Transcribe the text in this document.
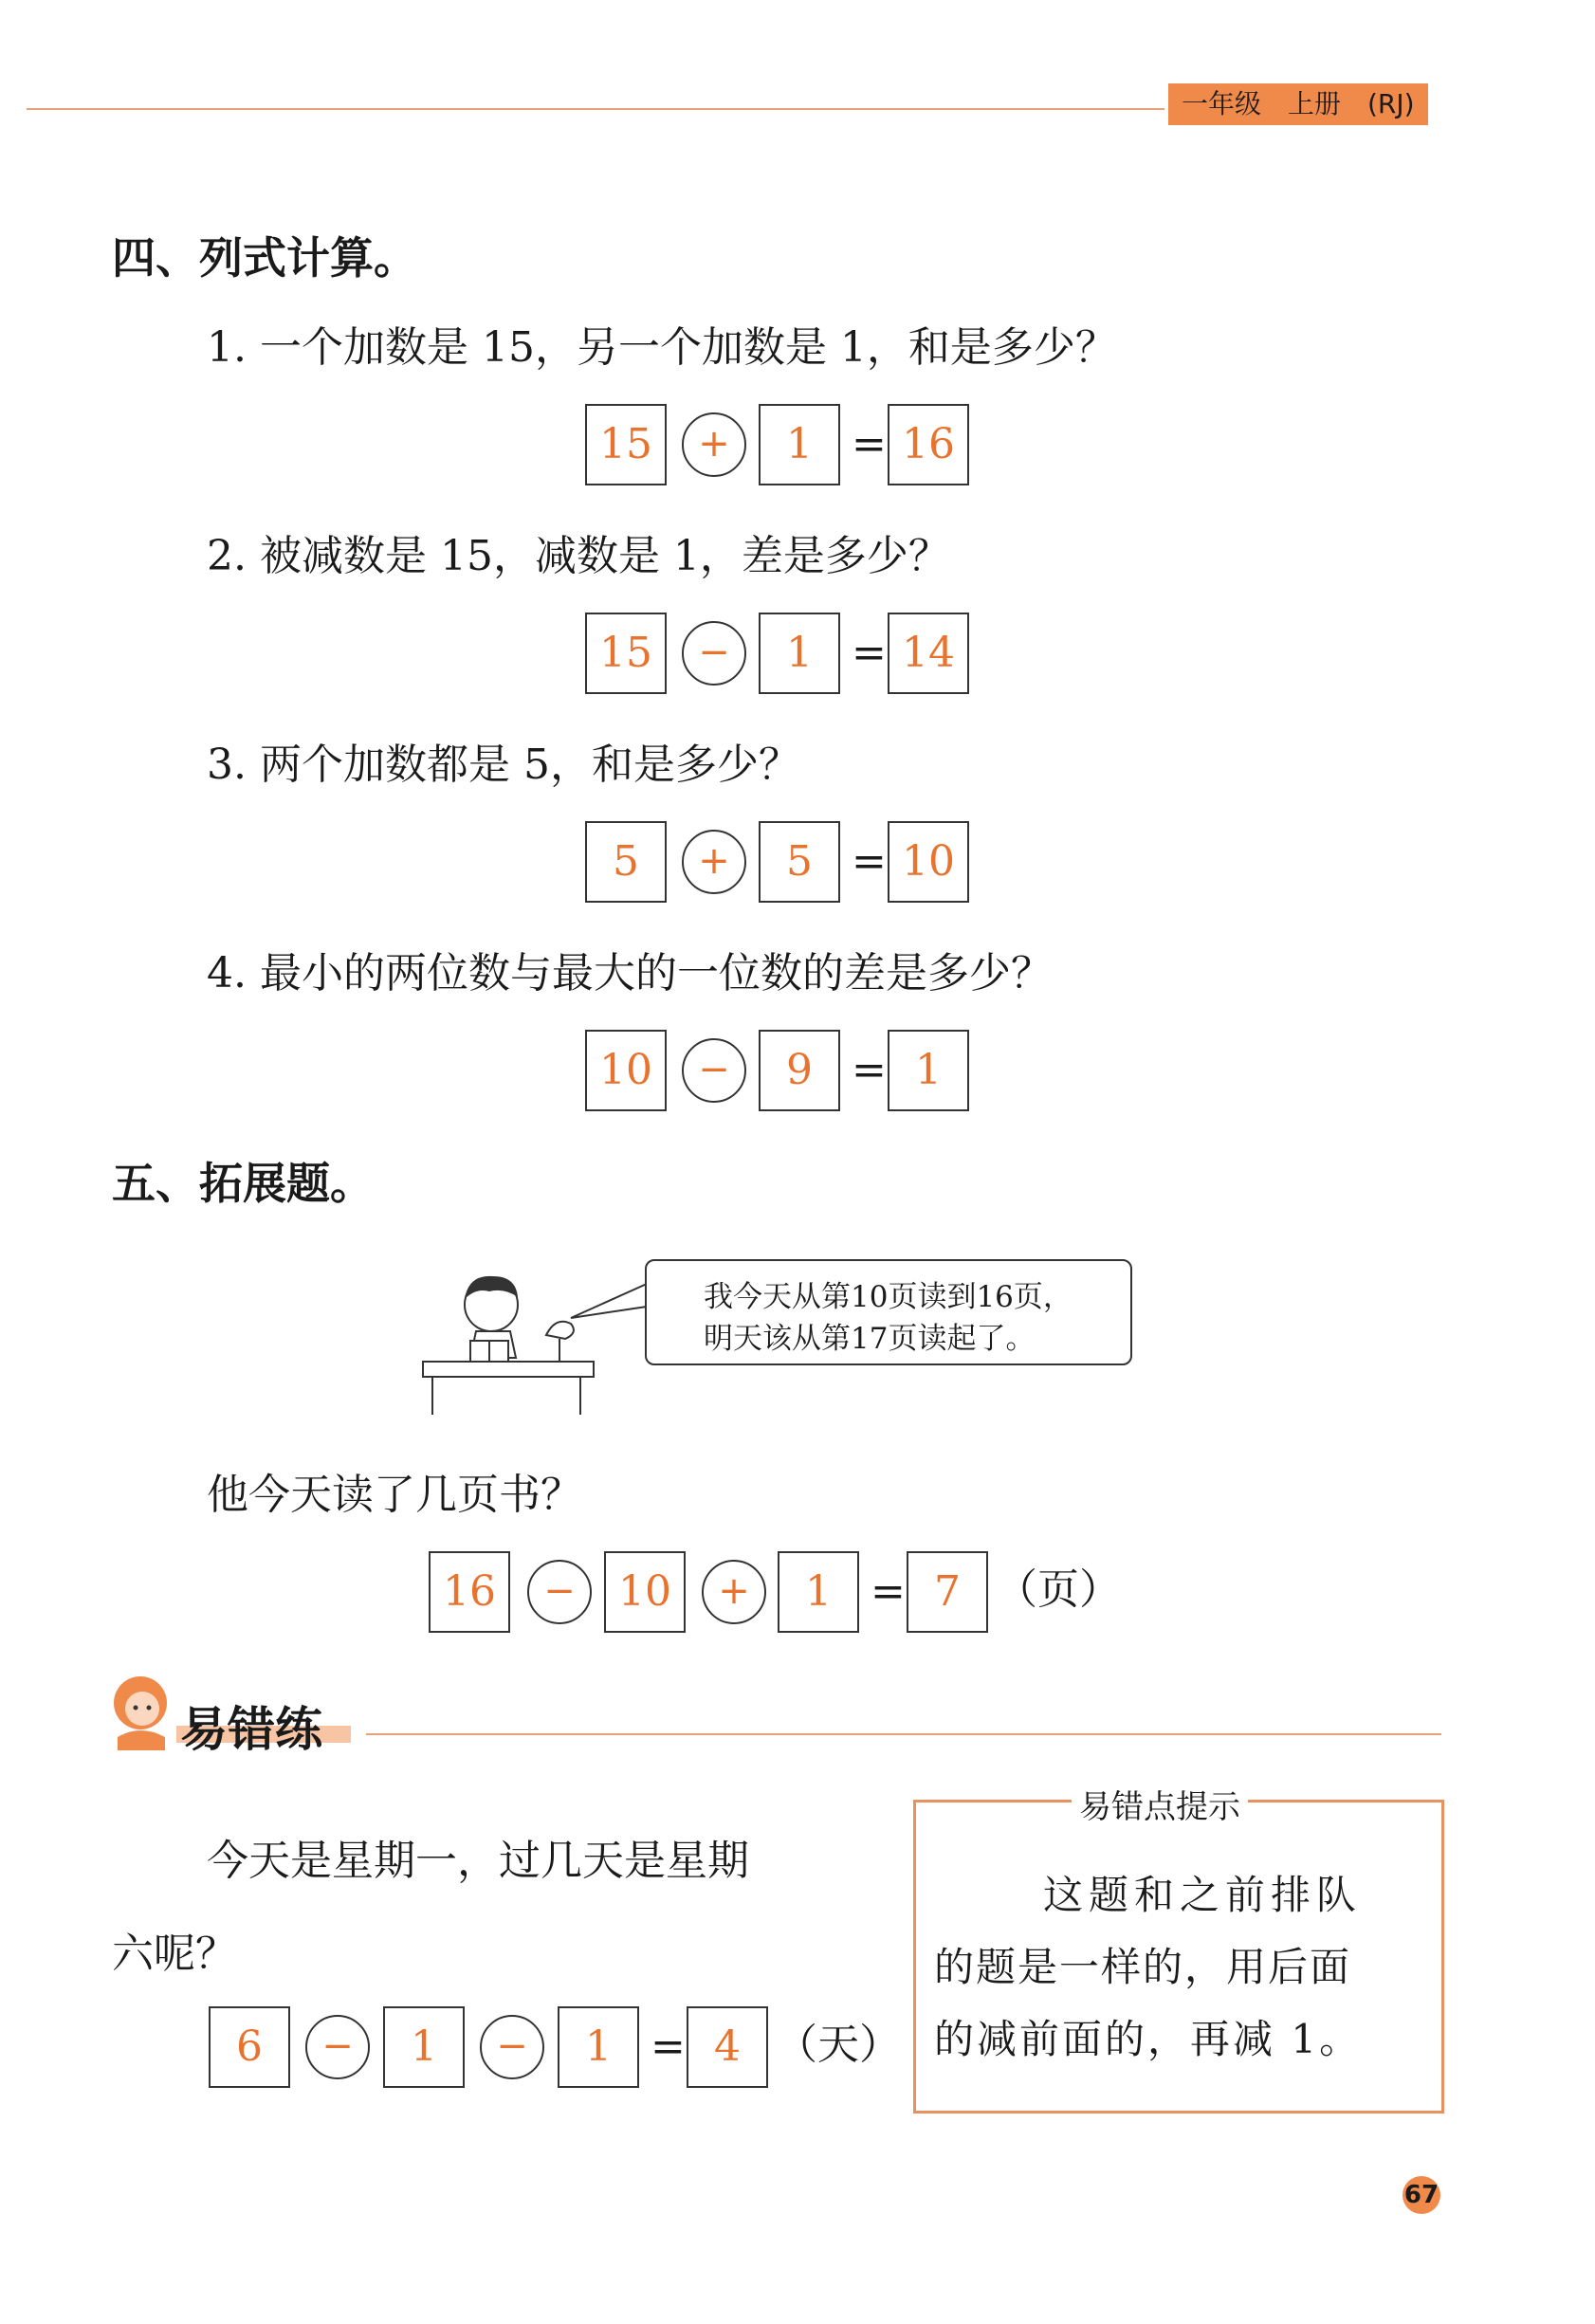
一年级　上册　(RJ)
四、列式计算。
1. 一个加数是 15，另一个加数是 1，和是多少？
15	+	1 = 16
2. 被减数是 15，减数是 1，差是多少？
15	−	1 = 14
3. 两个加数都是 5，和是多少？
5	+	5 = 10
4. 最小的两位数与最大的一位数的差是多少？
10	−	9 = 1
五、拓展题。
我今天从第10页读到16页，
明天该从第17页读起了。
他今天读了几页书？
16	−	10	+	1 = 7 （页）
易错练
今天是星期一，过几天是星期
六呢？
6	−	1	−	1 = 4 （天）
易错点提示
这题和之前排队
的题是一样的，用后面
的减前面的，再减 1。
67
